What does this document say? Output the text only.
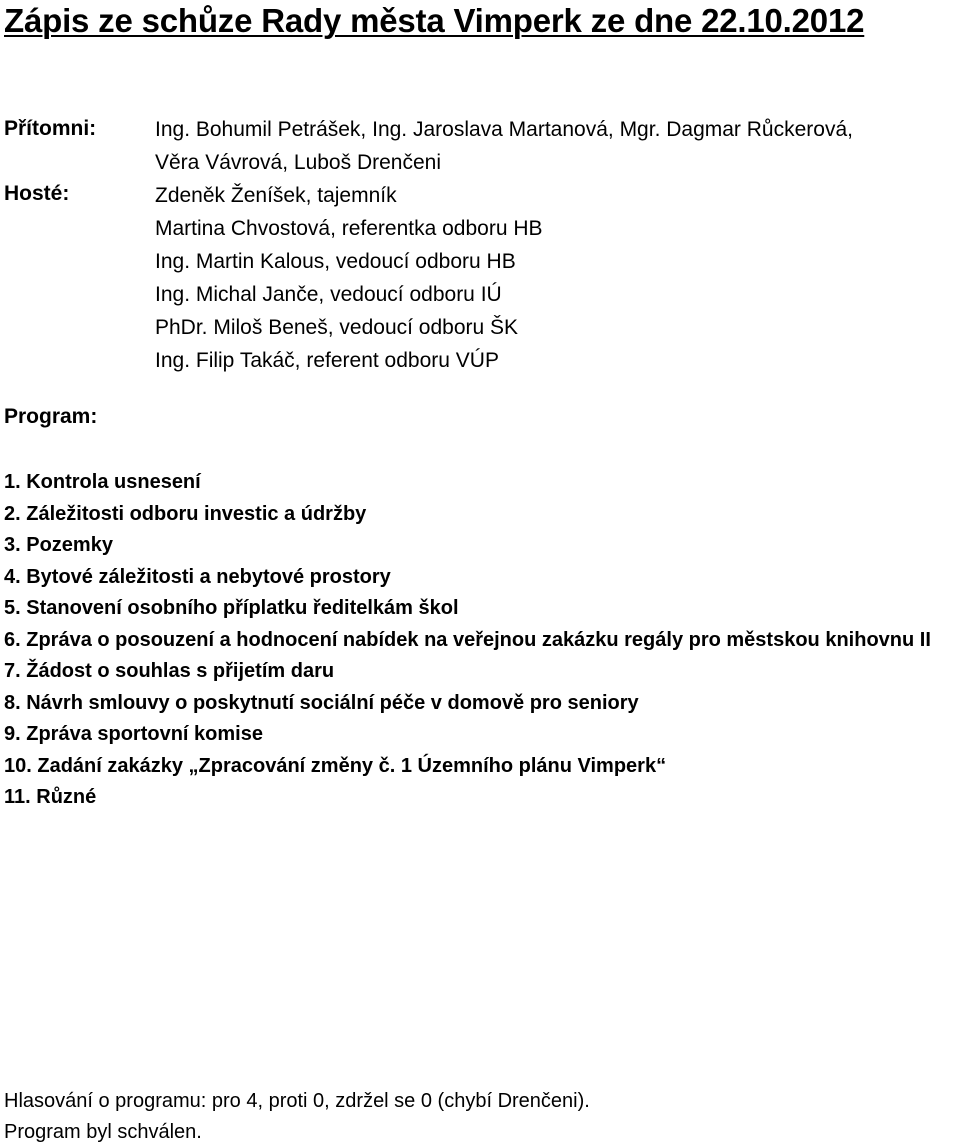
Zápis ze schůze Rady města Vimperk ze dne 22.10.2012
Přítomni:
Hosté:
Ing. Bohumil Petrášek, Ing. Jaroslava Martanová, Mgr. Dagmar Růckerová,
Věra Vávrová, Luboš Drenčeni
Zdeněk Ženíšek, tajemník
Martina Chvostová, referentka odboru HB
Ing. Martin Kalous, vedoucí odboru HB
Ing. Michal Janče, vedoucí odboru IÚ
PhDr. Miloš Beneš, vedoucí odboru ŠK
Ing. Filip Takáč, referent odboru VÚP
Program:
1. Kontrola usnesení
2. Záležitosti odboru investic a údržby
3. Pozemky
4. Bytové záležitosti a nebytové prostory
5. Stanovení osobního příplatku ředitelkám škol
6. Zpráva o posouzení a hodnocení nabídek na veřejnou zakázku regály pro městskou knihovnu II
7. Žádost o souhlas s přijetím daru
8. Návrh smlouvy o poskytnutí sociální péče v domově pro seniory
9. Zpráva sportovní komise
10. Zadání zakázky „Zpracování změny č. 1 Územního plánu Vimperk“
11. Různé
Hlasování o programu: pro 4, proti 0, zdržel se 0 (chybí Drenčeni).
Program byl schválen.
